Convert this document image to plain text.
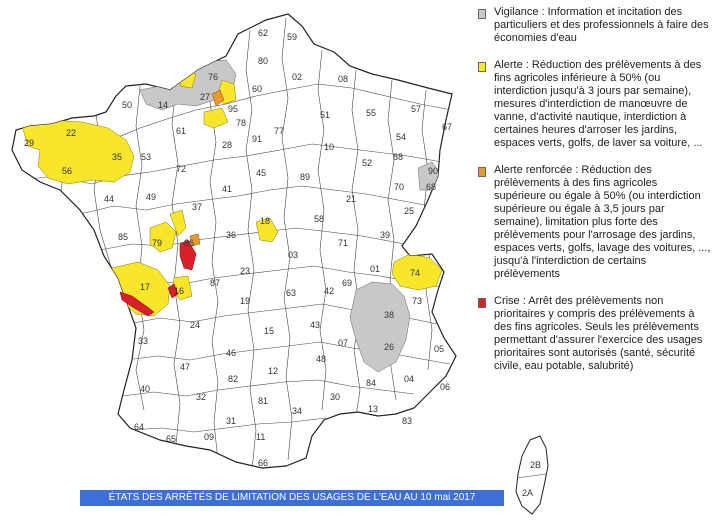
62 59
80
02	08
76
60
14
27
95
50
78
51	55	57
67
22
29
35
61
28
91
77
10
54
88
56
53
72	45	89
52
70 68
44	49
41
21
25
90
37
18	58
39
85
79 86
36
71
01	74
17	16
87
23
03
69
73
42
38
63
19
33
24
15
43
07	26
47
46
12
48
84
05
40
82
81	30
13
04
06
32
31
34
83
64
65	09	11
66	2B
2A
Vigilance : Information et incitation des particuliers et des professionnels à faire des économies d'eau
Alerte : Réduction des prélèvements à des fins agricoles inférieure à 50% (ou interdiction jusqu'à 3 jours par semaine), mesures d'interdiction de manœuvre de vanne, d'activité nautique, interdiction à certaines heures d'arroser les jardins, espaces verts, golfs, de laver sa voiture, ...
Alerte renforcée : Réduction des prélèvements à des fins agricoles supérieure ou égale à 50% (ou interdiction supérieure ou égale à 3,5 jours par semaine), limitation plus forte des prélèvements pour l'arrosage des jardins, espaces verts, golfs, lavage des voitures, ..., jusqu'à l'interdiction de certains prélèvements
Crise : Arrêt des prélèvements non prioritaires y compris des prélèvements à des fins agricoles. Seuls les prélèvements permettant d'assurer l'exercice des usages prioritaires sont autorisés (santé, sécurité civile, eau potable, salubrité)
ÉTATS DES ARRÊTÉS DE LIMITATION DES USAGES DE L'EAU AU 10 mai 2017
